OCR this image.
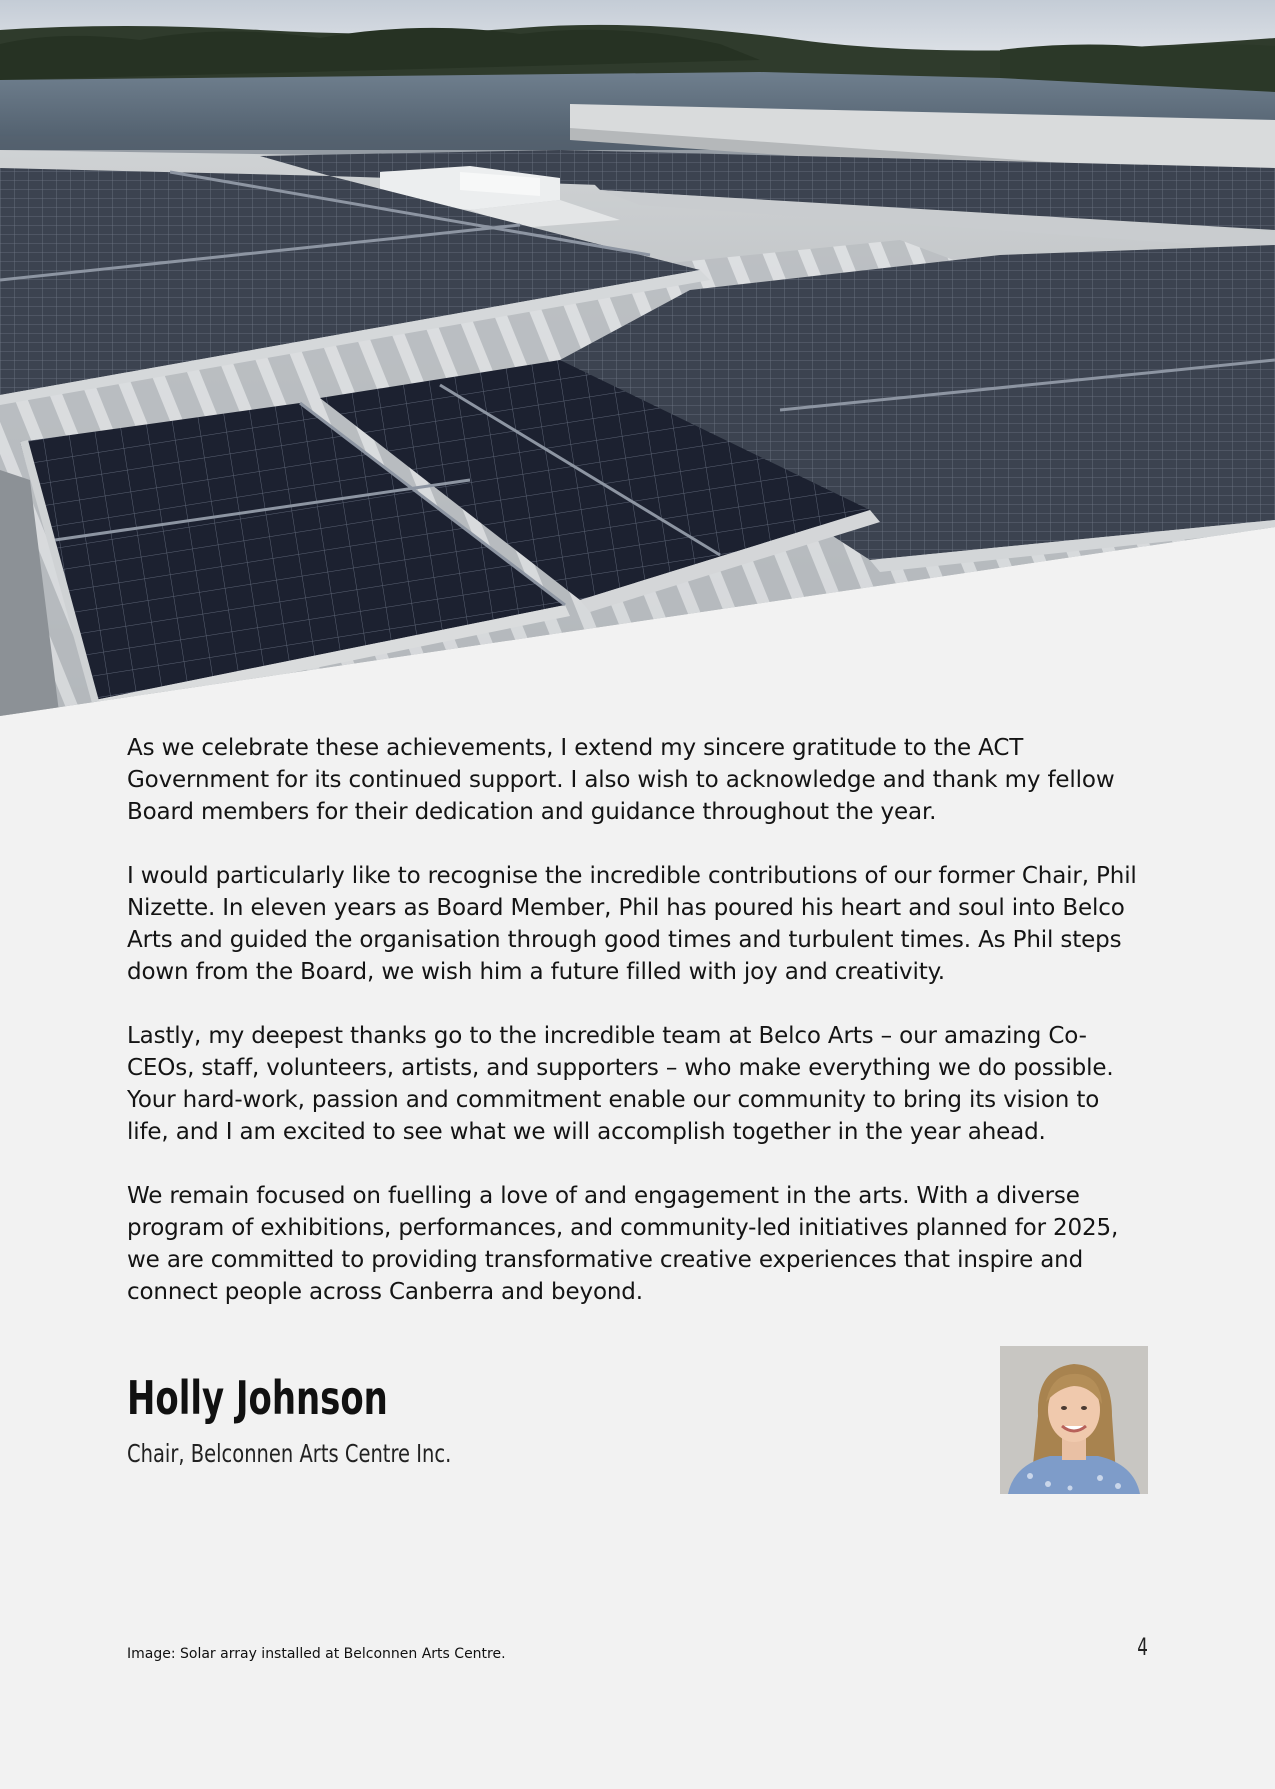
As we celebrate these achievements, I extend my sincere gratitude to the ACT Government for its continued support. I also wish to acknowledge and thank my fellow Board members for their dedication and guidance throughout the year.

I would particularly like to recognise the incredible contributions of our former Chair, Phil Nizette. In eleven years as Board Member, Phil has poured his heart and soul into Belco Arts and guided the organisation through good times and turbulent times. As Phil steps down from the Board, we wish him a future filled with joy and creativity.

Lastly, my deepest thanks go to the incredible team at Belco Arts – our amazing Co-CEOs, staff, volunteers, artists, and supporters – who make everything we do possible. Your hard-work, passion and commitment enable our community to bring its vision to life, and I am excited to see what we will accomplish together in the year ahead.

We remain focused on fuelling a love of and engagement in the arts. With a diverse program of exhibitions, performances, and community-led initiatives planned for 2025, we are committed to providing transformative creative experiences that inspire and connect people across Canberra and beyond.

Holly Johnson

Chair, Belconnen Arts Centre Inc.

Image: Solar array installed at Belconnen Arts Centre.	4
